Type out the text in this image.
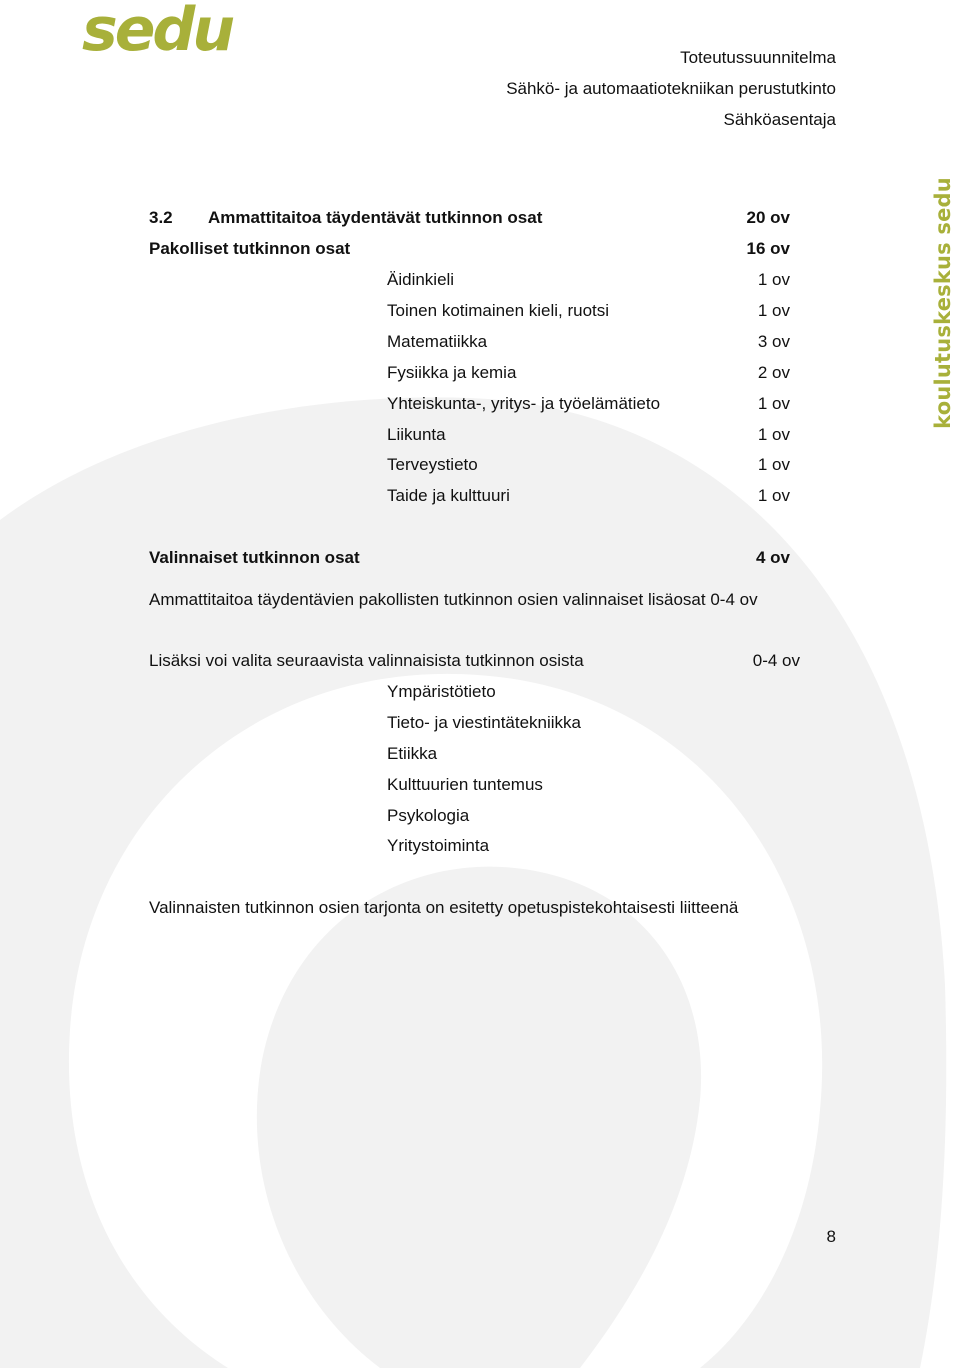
sedu	Toteutussuunnitelma
Sähkö- ja automaatiotekniikan perustutkinto
Sähköasentaja
koulutuskeskus sedu
3.2 Ammattitaitoa täydentävät tutkinnon osat	20 ov
Pakolliset tutkinnon osat	16 ov
Äidinkieli	1 ov
Toinen kotimainen kieli, ruotsi	1 ov
Matematiikka	3 ov
Fysiikka ja kemia	2 ov
Yhteiskunta-, yritys- ja työelämätieto	1 ov
Liikunta	1 ov
Terveystieto	1 ov
Taide ja kulttuuri	1 ov
Valinnaiset tutkinnon osat	4 ov
Ammattitaitoa täydentävien pakollisten tutkinnon osien valinnaiset lisäosat 0-4 ov
Lisäksi voi valita seuraavista valinnaisista tutkinnon osista	0-4 ov
Ympäristötieto
Tieto- ja viestintätekniikka
Etiikka
Kulttuurien tuntemus
Psykologia
Yritystoiminta
Valinnaisten tutkinnon osien tarjonta on esitetty opetuspistekohtaisesti liitteenä
8
